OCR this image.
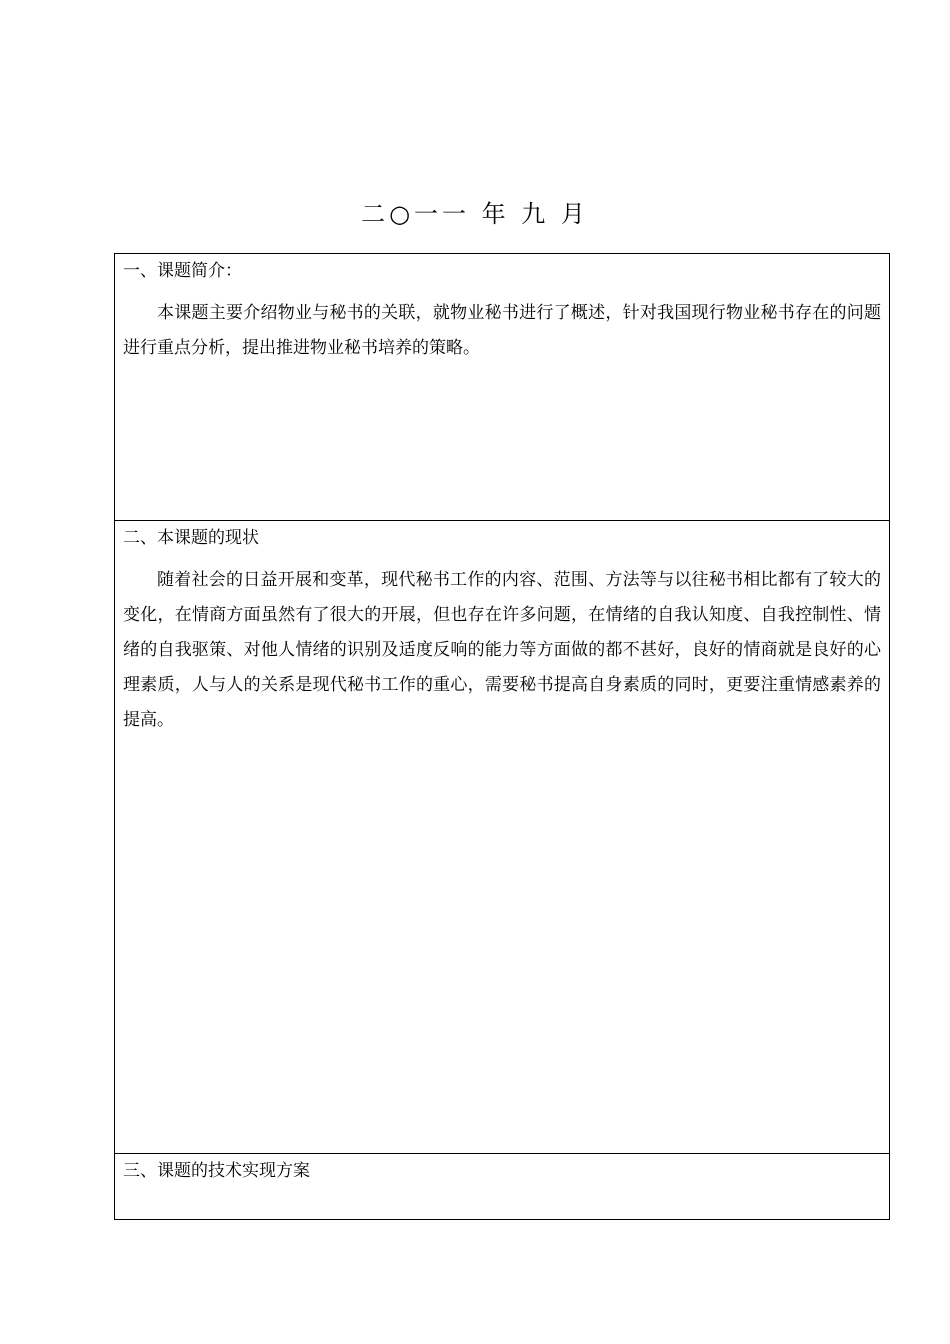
二○一一 年 九 月
一、课题简介：

本课题主要介绍物业与秘书的关联，就物业秘书进行了概述，针对我国现行物业秘书存在的问题进行重点分析，提出推进物业秘书培养的策略。

二、本课题的现状

随着社会的日益开展和变革，现代秘书工作的内容、范围、方法等与以往秘书相比都有了较大的变化，在情商方面虽然有了很大的开展，但也存在许多问题，在情绪的自我认知度、自我控制性、情绪的自我驱策、对他人情绪的识别及适度反响的能力等方面做的都不甚好，良好的情商就是良好的心理素质，人与人的关系是现代秘书工作的重心，需要秘书提高自身素质的同时，更要注重情感素养的提高。

三、课题的技术实现方案
